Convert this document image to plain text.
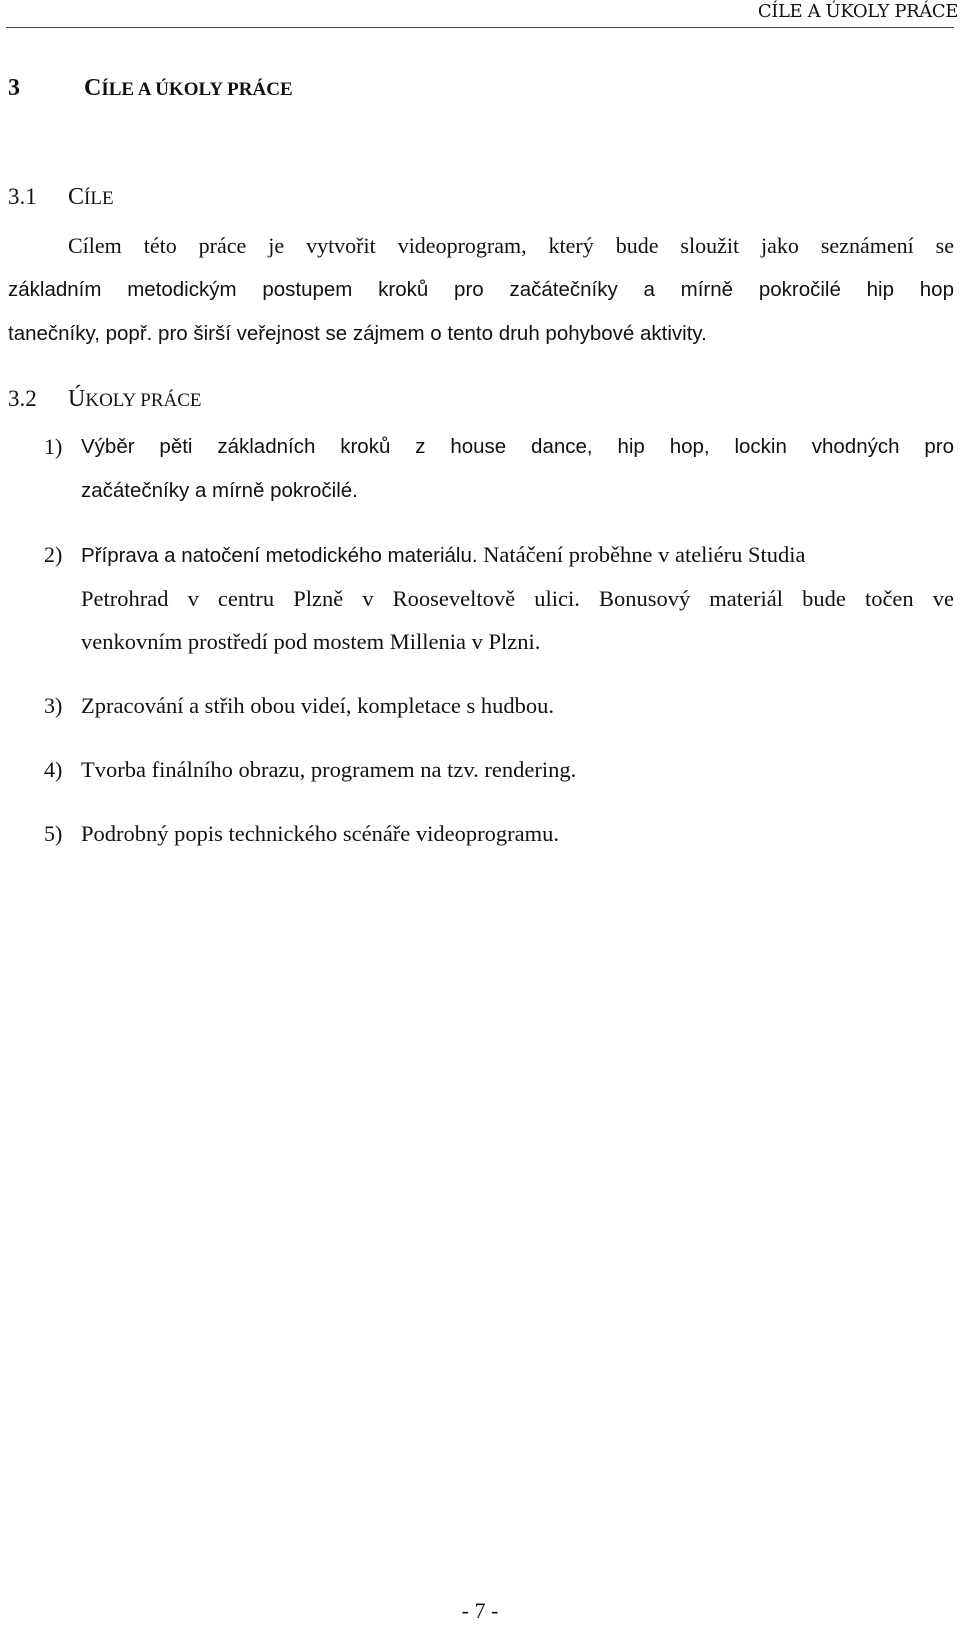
CÍLE A ÚKOLY PRÁCE
3	CÍLE A ÚKOLY PRÁCE
3.1 CÍLE
Cílem této práce je vytvořit videoprogram, který bude sloužit jako seznámení se
základním metodickým postupem kroků pro začátečníky a mírně pokročilé hip hop
tanečníky, popř. pro širší veřejnost se zájmem o tento druh pohybové aktivity.
3.2 ÚKOLY PRÁCE
1) Výběr pěti základních kroků z house dance, hip hop, lockin vhodných pro
začátečníky a mírně pokročilé.
2) Příprava a natočení metodického materiálu. Natáčení proběhne v ateliéru Studia
Petrohrad v centru Plzně v Rooseveltově ulici. Bonusový materiál bude točen ve
venkovním prostředí pod mostem Millenia v Plzni.
3) Zpracování a střih obou videí, kompletace s hudbou.
4) Tvorba finálního obrazu, programem na tzv. rendering.
5) Podrobný popis technického scénáře videoprogramu.
- 7 -
